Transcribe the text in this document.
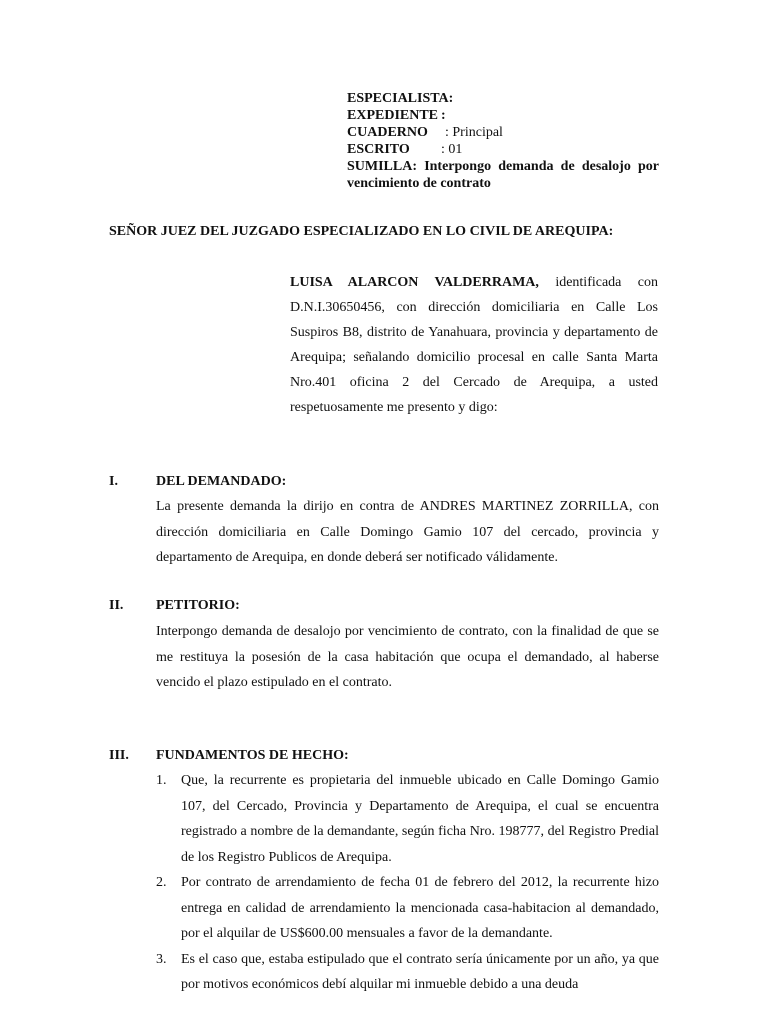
ESPECIALISTA:
EXPEDIENTE :
CUADERNO : Principal
ESCRITO : 01
SUMILLA: Interpongo demanda de desalojo por vencimiento de contrato
SEÑOR JUEZ DEL JUZGADO ESPECIALIZADO EN LO CIVIL DE AREQUIPA:
LUISA ALARCON VALDERRAMA, identificada con D.N.I.30650456, con dirección domiciliaria en Calle Los Suspiros B8, distrito de Yanahuara, provincia y departamento de Arequipa; señalando domicilio procesal en calle Santa Marta Nro.401 oficina 2 del Cercado de Arequipa, a usted respetuosamente me presento y digo:
I.	DEL DEMANDADO:
La presente demanda la dirijo en contra de ANDRES MARTINEZ ZORRILLA, con dirección domiciliaria en Calle Domingo Gamio 107 del cercado, provincia y departamento de Arequipa, en donde deberá ser notificado válidamente.
II.	PETITORIO:
Interpongo demanda de desalojo por vencimiento de contrato, con la finalidad de que se me restituya la posesión de la casa habitación que ocupa el demandado, al haberse vencido el plazo estipulado en el contrato.
III.	FUNDAMENTOS DE HECHO:
1.	Que, la recurrente es propietaria del inmueble ubicado en Calle Domingo Gamio 107, del Cercado, Provincia y Departamento de Arequipa, el cual se encuentra registrado a nombre de la demandante, según ficha Nro. 198777, del Registro Predial de los Registro Publicos de Arequipa.
2.	Por contrato de arrendamiento de fecha 01 de febrero del 2012, la recurrente hizo entrega en calidad de arrendamiento la mencionada casa-habitacion al demandado, por el alquilar de US$600.00 mensuales a favor de la demandante.
3.	Es el caso que, estaba estipulado que el contrato sería únicamente por un año, ya que por motivos económicos debí alquilar mi inmueble debido a una deuda
